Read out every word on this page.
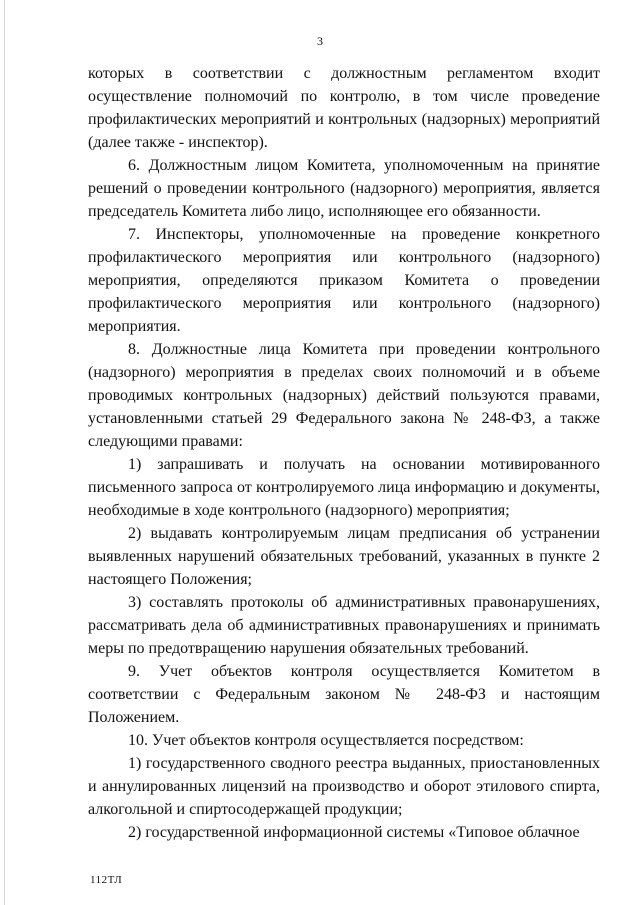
3

которых в соответствии с должностным регламентом входит осуществление полномочий по контролю, в том числе проведение профилактических мероприятий и контрольных (надзорных) мероприятий (далее также - инспектор).

6. Должностным лицом Комитета, уполномоченным на принятие решений о проведении контрольного (надзорного) мероприятия, является председатель Комитета либо лицо, исполняющее его обязанности.

7. Инспекторы, уполномоченные на проведение конкретного профилактического мероприятия или контрольного (надзорного) мероприятия, определяются приказом Комитета о проведении профилактического мероприятия или контрольного (надзорного) мероприятия.

8. Должностные лица Комитета при проведении контрольного (надзорного) мероприятия в пределах своих полномочий и в объеме проводимых контрольных (надзорных) действий пользуются правами, установленными статьей 29 Федерального закона № 248-ФЗ, а также следующими правами:

1) запрашивать и получать на основании мотивированного письменного запроса от контролируемого лица информацию и документы, необходимые в ходе контрольного (надзорного) мероприятия;

2) выдавать контролируемым лицам предписания об устранении выявленных нарушений обязательных требований, указанных в пункте 2 настоящего Положения;

3) составлять протоколы об административных правонарушениях, рассматривать дела об административных правонарушениях и принимать меры по предотвращению нарушения обязательных требований.

9. Учет объектов контроля осуществляется Комитетом в соответствии с Федеральным законом № 248-ФЗ и настоящим Положением.

10. Учет объектов контроля осуществляется посредством:

1) государственного сводного реестра выданных, приостановленных и аннулированных лицензий на производство и оборот этилового спирта, алкогольной и спиртосодержащей продукции;

2) государственной информационной системы «Типовое облачное

112ТЛ
